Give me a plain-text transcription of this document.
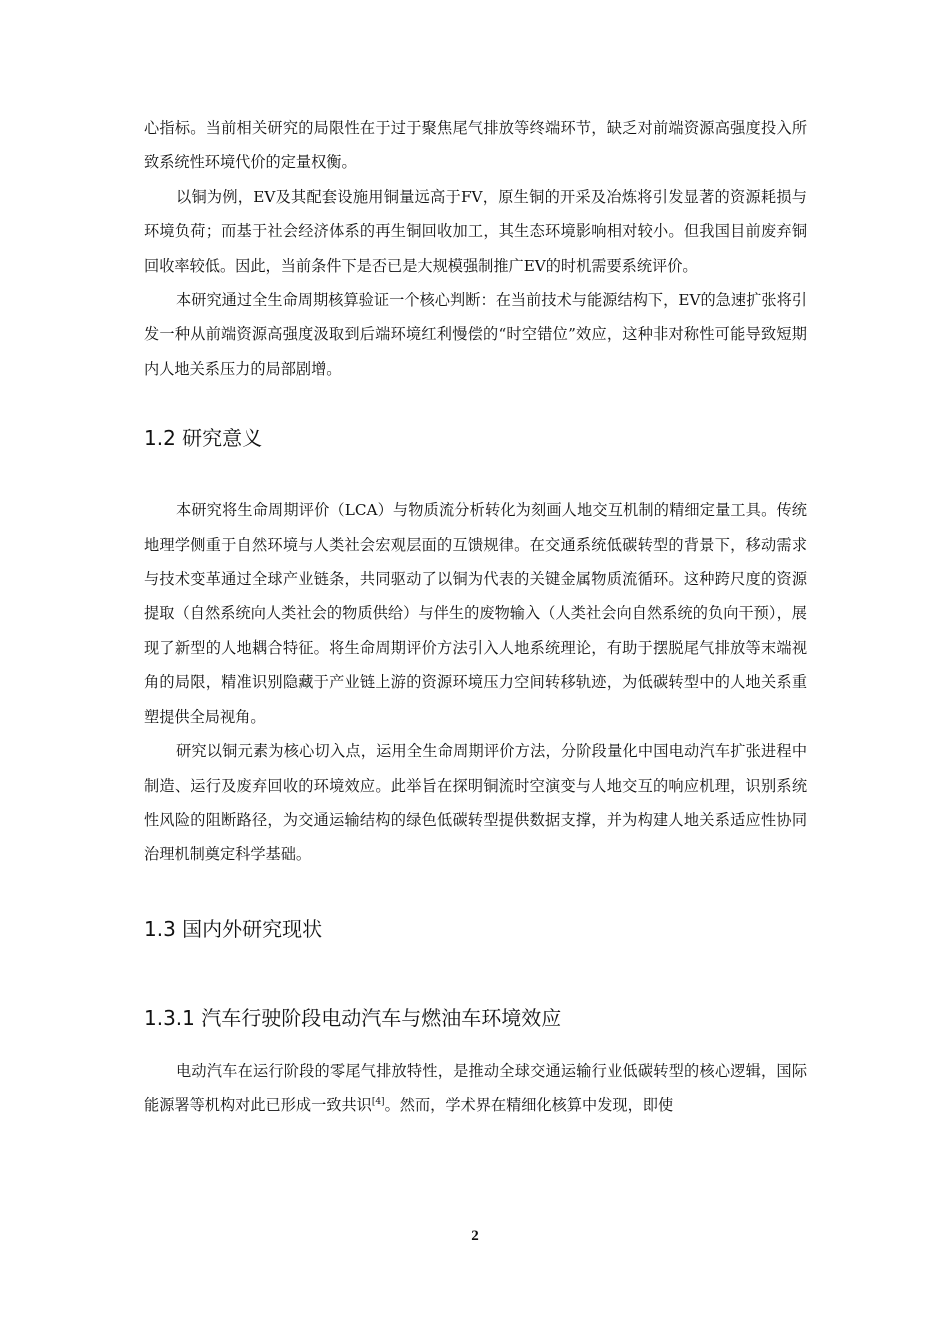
心指标。当前相关研究的局限性在于过于聚焦尾气排放等终端环节，缺乏对前端资源高强度投入所致系统性环境代价的定量权衡。

以铜为例，EV及其配套设施用铜量远高于FV，原生铜的开采及冶炼将引发显著的资源耗损与环境负荷；而基于社会经济体系的再生铜回收加工，其生态环境影响相对较小。但我国目前废弃铜回收率较低。因此，当前条件下是否已是大规模强制推广EV的时机需要系统评价。

本研究通过全生命周期核算验证一个核心判断：在当前技术与能源结构下，EV的急速扩张将引发一种从前端资源高强度汲取到后端环境红利慢偿的“时空错位”效应，这种非对称性可能导致短期内人地关系压力的局部剧增。

1.2 研究意义

本研究将生命周期评价（LCA）与物质流分析转化为刻画人地交互机制的精细定量工具。传统地理学侧重于自然环境与人类社会宏观层面的互馈规律。在交通系统低碳转型的背景下，移动需求与技术变革通过全球产业链条，共同驱动了以铜为代表的关键金属物质流循环。这种跨尺度的资源提取（自然系统向人类社会的物质供给）与伴生的废物输入（人类社会向自然系统的负向干预），展现了新型的人地耦合特征。将生命周期评价方法引入人地系统理论，有助于摆脱尾气排放等末端视角的局限，精准识别隐藏于产业链上游的资源环境压力空间转移轨迹，为低碳转型中的人地关系重塑提供全局视角。

研究以铜元素为核心切入点，运用全生命周期评价方法，分阶段量化中国电动汽车扩张进程中制造、运行及废弃回收的环境效应。此举旨在探明铜流时空演变与人地交互的响应机理，识别系统性风险的阻断路径，为交通运输结构的绿色低碳转型提供数据支撑，并为构建人地关系适应性协同治理机制奠定科学基础。

1.3 国内外研究现状
1.3.1 汽车行驶阶段电动汽车与燃油车环境效应

电动汽车在运行阶段的零尾气排放特性，是推动全球交通运输行业低碳转型的核心逻辑，国际能源署等机构对此已形成一致共识[4]。然而，学术界在精细化核算中发现，即使

2
